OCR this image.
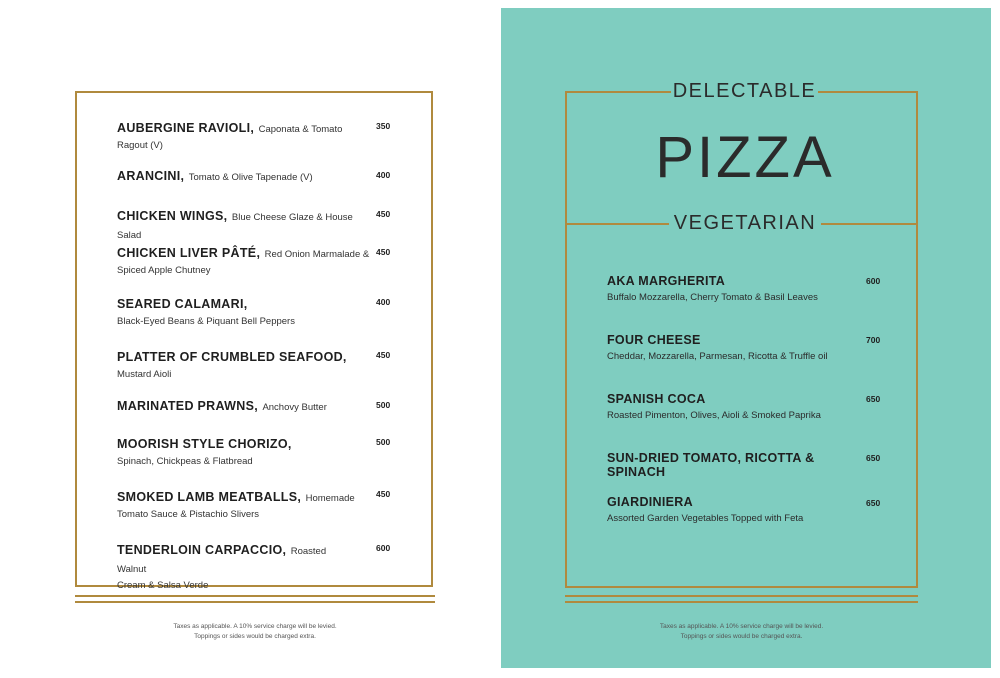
AUBERGINE RAVIOLI, Caponata & Tomato
Ragout (V)
350
ARANCINI, Tomato & Olive Tapenade (V)	400
CHICKEN WINGS, Blue Cheese Glaze & House Salad
450
CHICKEN LIVER PÂTÉ, Red Onion Marmalade &
Spiced Apple Chutney
450
SEARED CALAMARI,
Black-Eyed Beans & Piquant Bell Peppers
400
PLATTER OF CRUMBLED SEAFOOD,
Mustard Aioli
450
MARINATED PRAWNS, Anchovy Butter	500
MOORISH STYLE CHORIZO,
Spinach, Chickpeas & Flatbread
500
SMOKED LAMB MEATBALLS, Homemade
Tomato Sauce & Pistachio Slivers
450
TENDERLOIN CARPACCIO, Roasted Walnut
Cream & Salsa Verde
600
Taxes as applicable. A 10% service charge will be levied.
Toppings or sides would be charged extra.
DELECTABLE
PIZZA
VEGETARIAN
AKA MARGHERITA
Buffalo Mozzarella, Cherry Tomato & Basil Leaves
600
FOUR CHEESE
Cheddar, Mozzarella, Parmesan, Ricotta & Truffle oil
700
SPANISH COCA
Roasted Pimenton, Olives, Aioli & Smoked Paprika
650
SUN-DRIED TOMATO, RICOTTA & SPINACH
650
GIARDINIERA
Assorted Garden Vegetables Topped with Feta
650
Taxes as applicable. A 10% service charge will be levied.
Toppings or sides would be charged extra.
